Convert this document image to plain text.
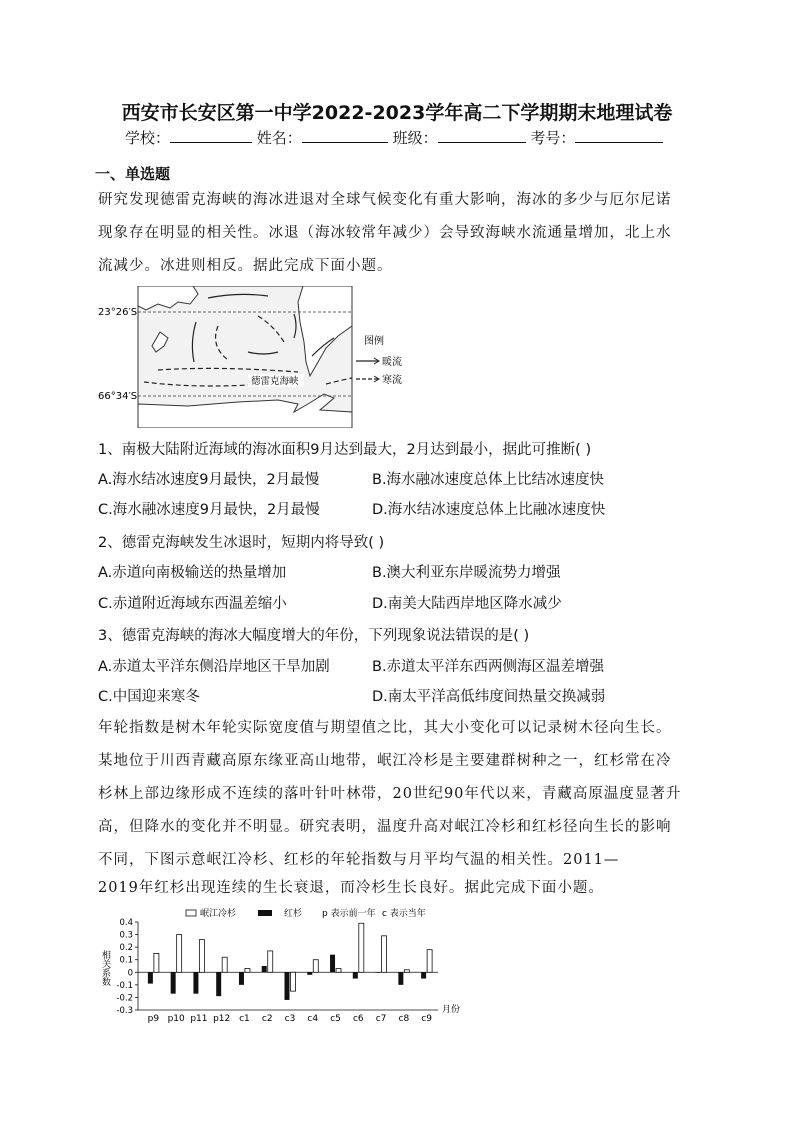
西安市长安区第一中学2022-2023学年高二下学期期末地理试卷
学校：	姓名：	班级：	考号：
一、单选题
研究发现德雷克海峡的海冰进退对全球气候变化有重大影响，海冰的多少与厄尔尼诺
现象存在明显的相关性。冰退（海冰较常年减少）会导致海峡水流通量增加，北上水
流减少。冰进则相反。据此完成下面小题。
23°26′S
66°34′S
德雷克海峡
图例
暖流
寒流
1、南极大陆附近海域的海冰面积9月达到最大，2月达到最小，据此可推断( )
A.海水结冰速度9月最快，2月最慢	B.海水融冰速度总体上比结冰速度快
C.海水融冰速度9月最快，2月最慢	D.海水结冰速度总体上比融冰速度快
2、德雷克海峡发生冰退时，短期内将导致( )
A.赤道向南极输送的热量增加	B.澳大利亚东岸暖流势力增强
C.赤道附近海域东西温差缩小	D.南美大陆西岸地区降水减少
3、德雷克海峡的海冰大幅度增大的年份，下列现象说法错误的是( )
A.赤道太平洋东侧沿岸地区干旱加剧	B.赤道太平洋东西两侧海区温差增强
C.中国迎来寒冬	D.南太平洋高低纬度间热量交换减弱
年轮指数是树木年轮实际宽度值与期望值之比，其大小变化可以记录树木径向生长。
某地位于川西青藏高原东缘亚高山地带，岷江冷杉是主要建群树种之一，红杉常在冷
杉林上部边缘形成不连续的落叶针叶林带，20世纪90年代以来，青藏高原温度显著升
高，但降水的变化并不明显。研究表明，温度升高对岷江冷杉和红杉径向生长的影响
不同，下图示意岷江冷杉、红杉的年轮指数与月平均气温的相关性。2011—
2019年红杉出现连续的生长衰退，而冷杉生长良好。据此完成下面小题。
0.4
0.3
0.2
0.1
0
-0.1
-0.2
-0.3
p9 p10 p11 p12 c1 c2 c3 c4 c5 c6 c7 c8 c9
岷江冷杉	红杉 p 表示前一年 c 表示当年
相关系数
月份
